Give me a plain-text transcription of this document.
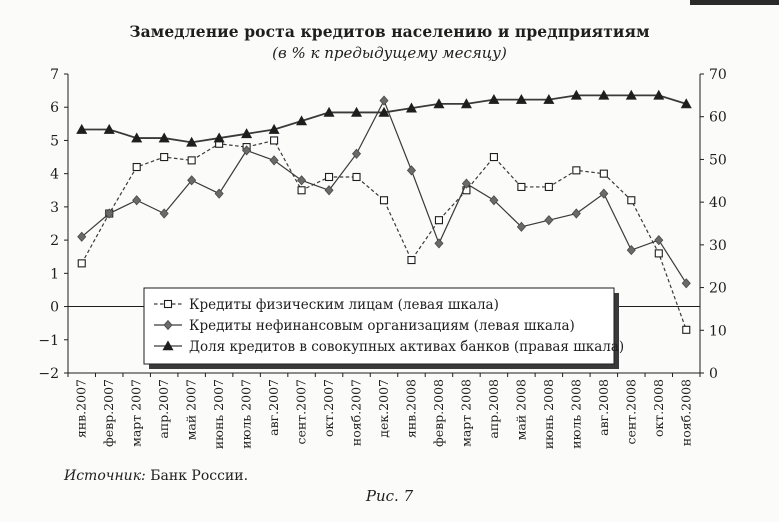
Замедление роста кредитов населению и предприятиям
(в % к предыдущему месяцу)
−2
−1
0
1
2
3
4
5
6
7
0
10
20
30
40
50
60
70
янв.2007 февр.2007 март 2007 апр.2007 май 2007 июнь 2007 июль 2007 авг.2007 сент.2007 окт.2007 нояб.2007 дек.2007 янв.2008 февр.2008 март 2008 апр.2008 май 2008 июнь 2008 июль 2008 авг.2008 сент.2008 окт.2008 нояб.2008
Кредиты физическим лицам (левая шкала)
Кредиты нефинансовым организациям (левая шкала)
Доля кредитов в совокупных активах банков (правая шкала)
Источник: Банк России.
Рис. 7
